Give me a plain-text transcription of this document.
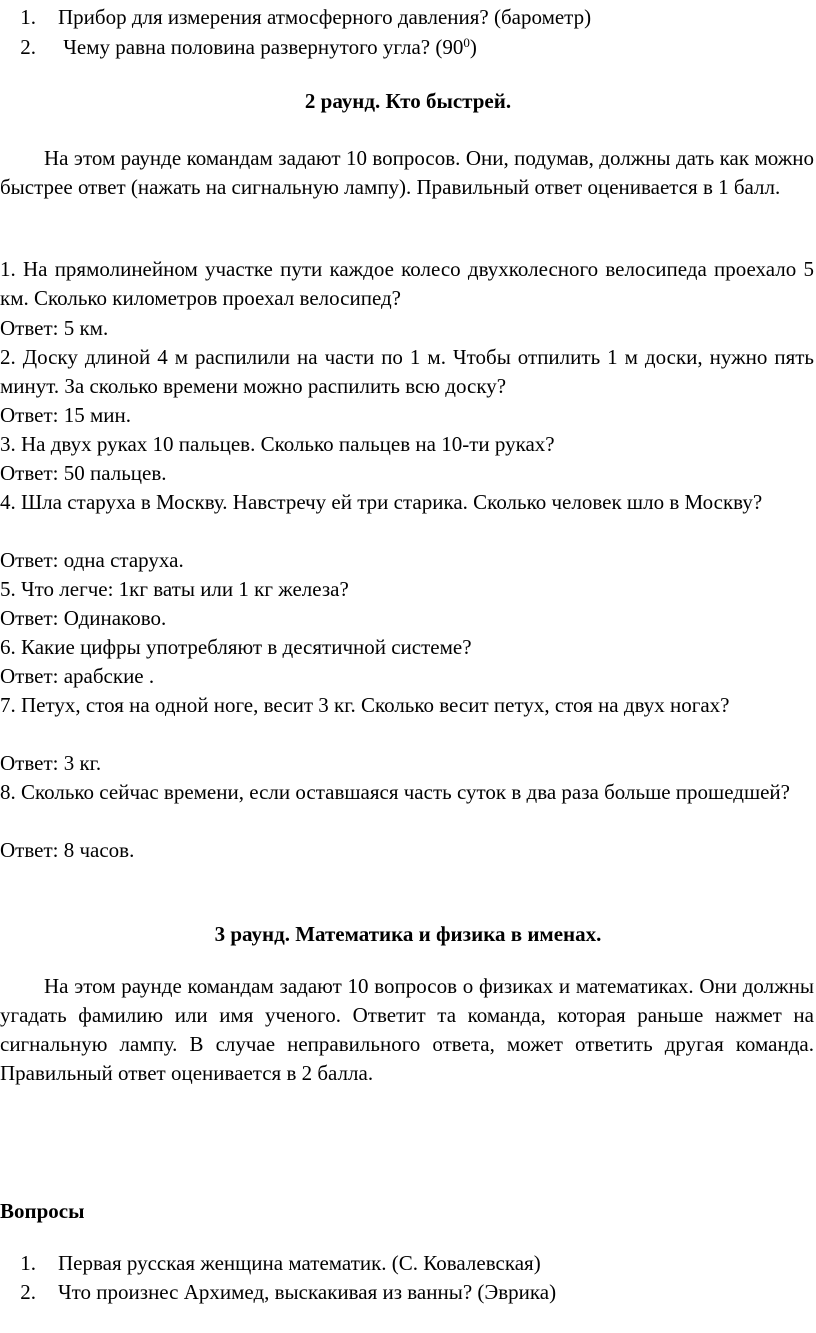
1. Прибор для измерения атмосферного давления? (барометр)
2. Чему равна половина развернутого угла? $(90^0)$
2 раунд. Кто быстрей.
На этом раунде командам задают 10 вопросов. Они, подумав, должны дать как можно быстрее ответ (нажать на сигнальную лампу). Правильный ответ оценивается в 1 балл.
1. На прямолинейном участке пути каждое колесо двухколесного велосипеда проехало 5 км. Сколько километров проехал велосипед?
Ответ: 5 км.
2. Доску длиной 4 м распилили на части по 1 м. Чтобы отпилить 1 м доски, нужно пять минут. За сколько времени можно распилить всю доску?
Ответ: 15 мин.
3. На двух руках 10 пальцев. Сколько пальцев на 10-ти руках?
Ответ: 50 пальцев.
4. Шла старуха в Москву. Навстречу ей три старика. Сколько человек шло в Москву?
Ответ: одна старуха.
5. Что легче: 1кг ваты или 1 кг железа?
Ответ: Одинаково.
6. Какие цифры употребляют в десятичной системе?
Ответ: арабские .
7. Петух, стоя на одной ноге, весит 3 кг. Сколько весит петух, стоя на двух ногах?
Ответ: 3 кг.
8. Сколько сейчас времени, если оставшаяся часть суток в два раза больше прошедшей?
Ответ: 8 часов.
3 раунд. Математика и физика в именах.
На этом раунде командам задают 10 вопросов о физиках и математиках. Они должны угадать фамилию или имя ученого. Ответит та команда, которая раньше нажмет на сигнальную лампу. В случае неправильного ответа, может ответить другая команда. Правильный ответ оценивается в 2 балла.
Вопросы
1. Первая русская женщина математик. (С. Ковалевская)
2. Что произнес Архимед, выскакивая из ванны? (Эврика)
